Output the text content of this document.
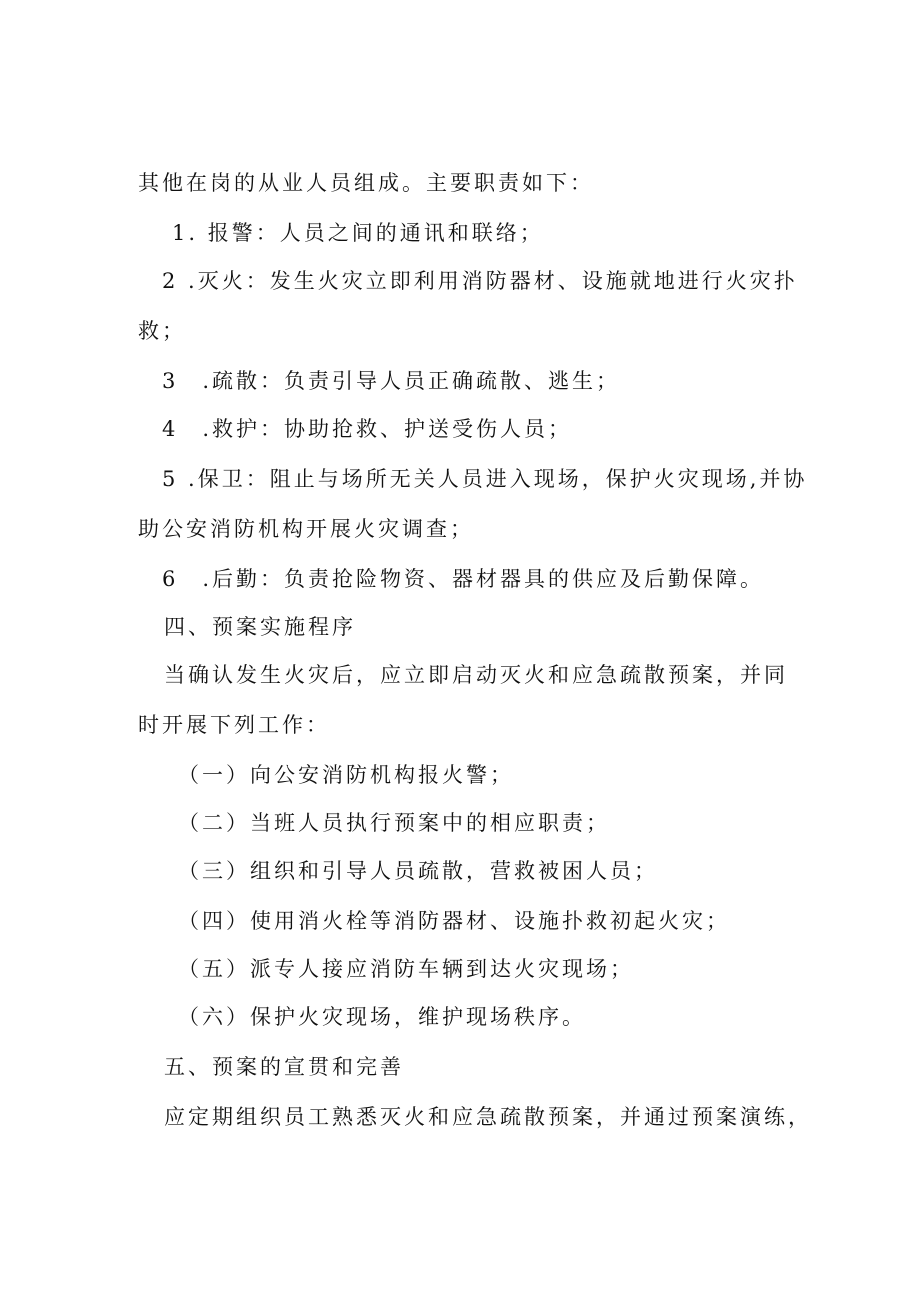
其他在岗的从业人员组成。主要职责如下：
1. 报警：人员之间的通讯和联络；
2 .灭火：发生火灾立即利用消防器材、设施就地进行火灾扑
救；
3　.疏散：负责引导人员正确疏散、逃生；
4　.救护：协助抢救、护送受伤人员；
5 .保卫：阻止与场所无关人员进入现场，保护火灾现场,并协
助公安消防机构开展火灾调查；
6　.后勤：负责抢险物资、器材器具的供应及后勤保障。
四、预案实施程序
当确认发生火灾后，应立即启动灭火和应急疏散预案，并同
时开展下列工作：
（一）向公安消防机构报火警；
（二）当班人员执行预案中的相应职责；
（三）组织和引导人员疏散，营救被困人员；
（四）使用消火栓等消防器材、设施扑救初起火灾；
（五）派专人接应消防车辆到达火灾现场；
（六）保护火灾现场，维护现场秩序。
五、预案的宣贯和完善
应定期组织员工熟悉灭火和应急疏散预案，并通过预案演练，
